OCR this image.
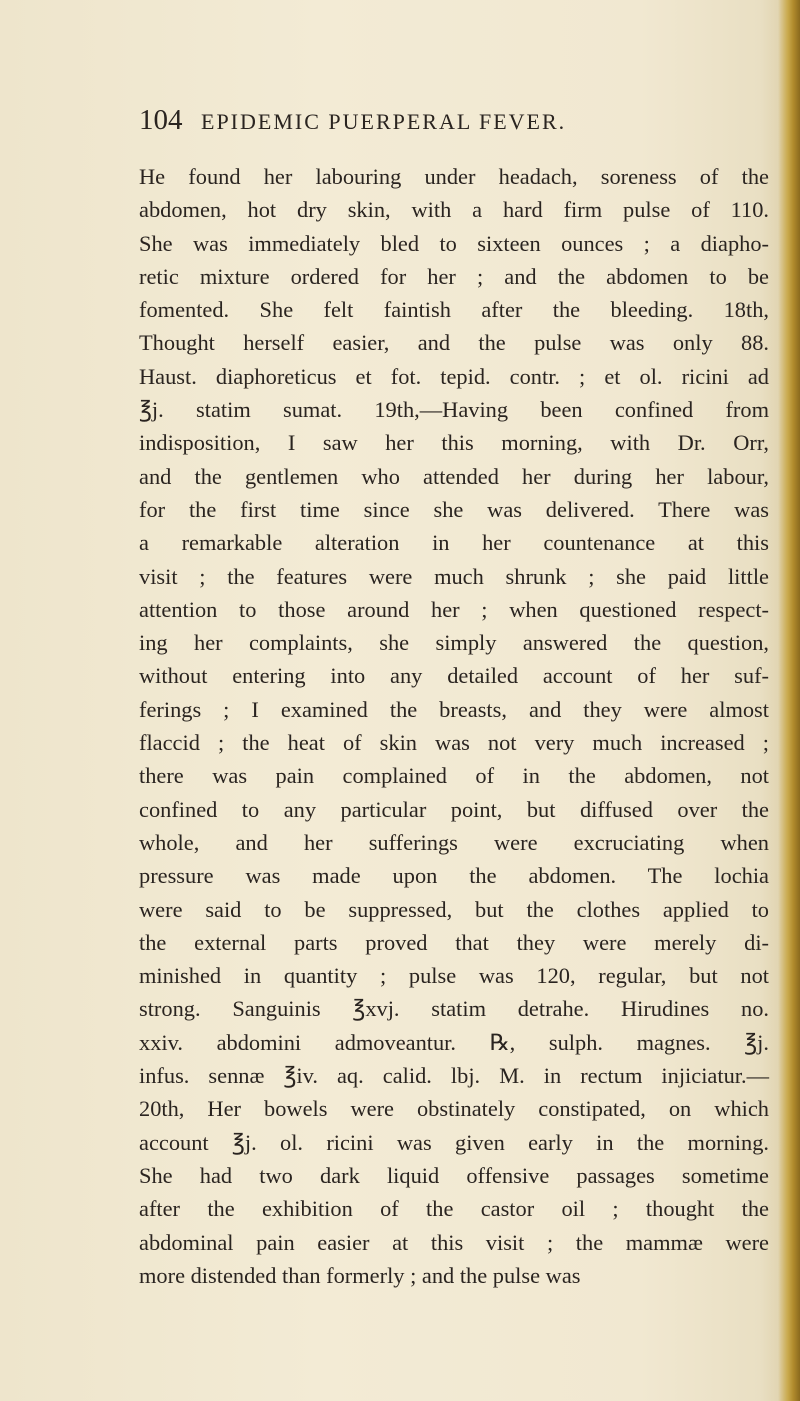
104 EPIDEMIC PUERPERAL FEVER.
He found her labouring under headach, soreness of the
abdomen, hot dry skin, with a hard firm pulse of 110.
She was immediately bled to sixteen ounces ; a diapho-
retic mixture ordered for her ; and the abdomen to be
fomented. She felt faintish after the bleeding. 18th,
Thought herself easier, and the pulse was only 88.
Haust. diaphoreticus et fot. tepid. contr. ; et ol. ricini ad
℥j. statim sumat. 19th,—Having been confined from
indisposition, I saw her this morning, with Dr. Orr,
and the gentlemen who attended her during her labour,
for the first time since she was delivered. There was
a remarkable alteration in her countenance at this
visit ; the features were much shrunk ; she paid little
attention to those around her ; when questioned respect-
ing her complaints, she simply answered the question,
without entering into any detailed account of her suf-
ferings ; I examined the breasts, and they were almost
flaccid ; the heat of skin was not very much increased ;
there was pain complained of in the abdomen, not
confined to any particular point, but diffused over the
whole, and her sufferings were excruciating when
pressure was made upon the abdomen. The lochia
were said to be suppressed, but the clothes applied to
the external parts proved that they were merely di-
minished in quantity ; pulse was 120, regular, but not
strong. Sanguinis ℥xvj. statim detrahe. Hirudines no.
xxiv. abdomini admoveantur. ℞, sulph. magnes. ℥j.
infus. sennæ ℥iv. aq. calid. lbj. M. in rectum injiciatur.—
20th, Her bowels were obstinately constipated, on which
account ℥j. ol. ricini was given early in the morning.
She had two dark liquid offensive passages sometime
after the exhibition of the castor oil ; thought the
abdominal pain easier at this visit ; the mammæ were
more distended than formerly ; and the pulse was
